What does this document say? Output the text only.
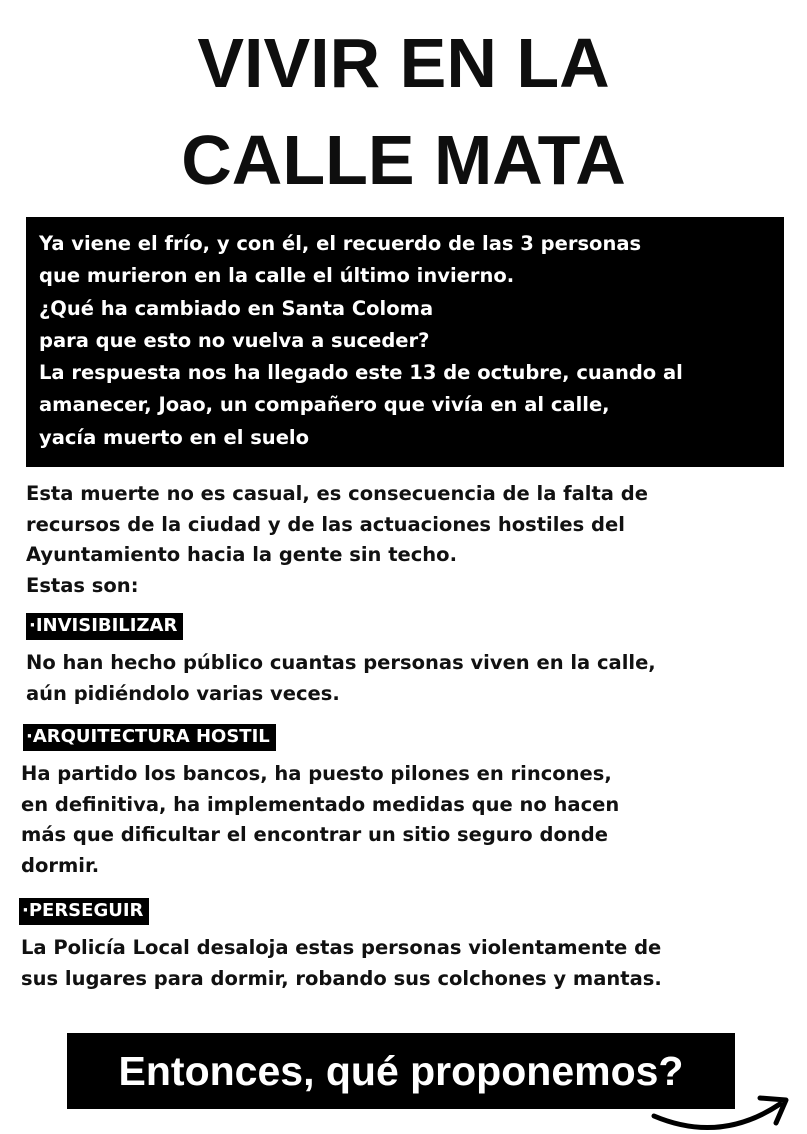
VIVIR EN LA
CALLE MATA
Ya viene el frío, y con él, el recuerdo de las 3 personas
que murieron en la calle el último invierno.
¿Qué ha cambiado en Santa Coloma
para que esto no vuelva a suceder?
La respuesta nos ha llegado este 13 de octubre, cuando al
amanecer, Joao, un compañero que vivía en al calle,
yacía muerto en el suelo
Esta muerte no es casual, es consecuencia de la falta de
recursos de la ciudad y de las actuaciones hostiles del
Ayuntamiento hacia la gente sin techo.
Estas son:
·INVISIBILIZAR
No han hecho público cuantas personas viven en la calle,
aún pidiéndolo varias veces.
·ARQUITECTURA HOSTIL
Ha partido los bancos, ha puesto pilones en rincones,
en definitiva, ha implementado medidas que no hacen
más que dificultar el encontrar un sitio seguro donde
dormir.
·PERSEGUIR
La Policía Local desaloja estas personas violentamente de
sus lugares para dormir, robando sus colchones y mantas.
Entonces, qué proponemos?
